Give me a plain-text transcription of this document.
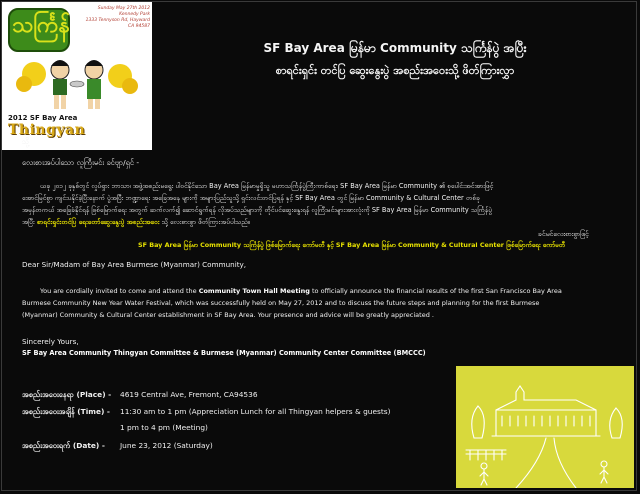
သင်္ကြန်
Sunday May 27th 2012
Kennedy Park
1333 Tennyson Rd, Hayward
CA 94587
2012 SF Bay Area
Thingyan
SF Bay Area မြန်မာ Community သင်္ကြန်ပွဲ အပြီး
စာရင်းရှင်း တင်ပြ ဆွေးနွေးပွဲ အစည်းအဝေးသို့ ဖိတ်ကြားလွှာ
သို့
လေးစားအပ်ပါသော လူကြီးမင်း ခင်ဗျာ/ရှင် -
ယခု ၂၀၁၂ ခုနှစ်တွင် လှုပ်ရှား ဘာသာ၊ အဖွဲ့အစည်းမရွေး ပါဝင်နိုင်သော Bay Area မြန်မာမှုရှိသူ မဟာသင်္ကြန်ပွဲကြီးကာစ်ရေး၊ SF Bay Area မြန်မာ Community ၏ စုပေါင်းအင်အားဖြင့်
အောင်မြင်စွာ ကျင်းပနိုင်ခဲ့ပြီးနောက် ပွဲအပြီး ဘဏ္ဍာရေး အခြေအနေ များကို အများပြည်သူသို့ ရှင်းလင်းတင်ပြရန် နှင့် SF Bay Area တွင် မြန်မာ Community & Cultural Center တစ်ခု
အမှန်တကယ် အခြေခံနိုင်ရန် ဖြစ်မြောက်ရေး အတွက် ဆက်လက်၍ ဆောင်ရွက်ရန် လိုအပ်သည်များကို တိုင်ပင်ဆွေးနွေးရန် လူကြီးမင်းများအားလုံးကို SF Bay Area မြန်မာ Community သင်္ကြန်ပွဲ
အပြီး စာရင်းရှင်းတင်ပြ ရေးတော်ဆွေးနွေးပွဲ အစည်းအဝေး သို့ လေးစားစွာ ဖိတ်ကြားအပ်ပါသည်။
ခင်မင်လေးစားစွာဖြင့်
SF Bay Area မြန်မာ Community သင်္ကြန်ပွဲ ဖြစ်မြောက်ရေး ကော်မတီ နှင့် SF Bay Area မြန်မာ Community & Cultural Center ဖြစ်မြောက်ရေး ကော်မတီ
Dear Sir/Madam of Bay Area Burmese (Myanmar) Community,
You are cordially invited to come and attend the Community Town Hall Meeting to officially announce the financial results of the first San Francisco Bay Area
Burmese Community New Year Water Festival, which was successfully held on May 27, 2012 and to discuss the future steps and planning for the first Burmese
(Myanmar) Community & Cultural Center establishment in SF Bay Area. Your presence and advice will be greatly appreciated .
Sincerely Yours,
SF Bay Area Community Thingyan Committee & Burmese (Myanmar) Community Center Committee (BMCCC)
အစည်းအဝေးနေရာ (Place) - 4619 Central Ave, Fremont, CA94536
အစည်းအဝေးအချိန် (Time) - 11:30 am to 1 pm (Appreciation Lunch for all Thingyan helpers & guests)
1 pm to 4 pm (Meeting)
အစည်းအဝေးရက် (Date) - June 23, 2012 (Saturday)
